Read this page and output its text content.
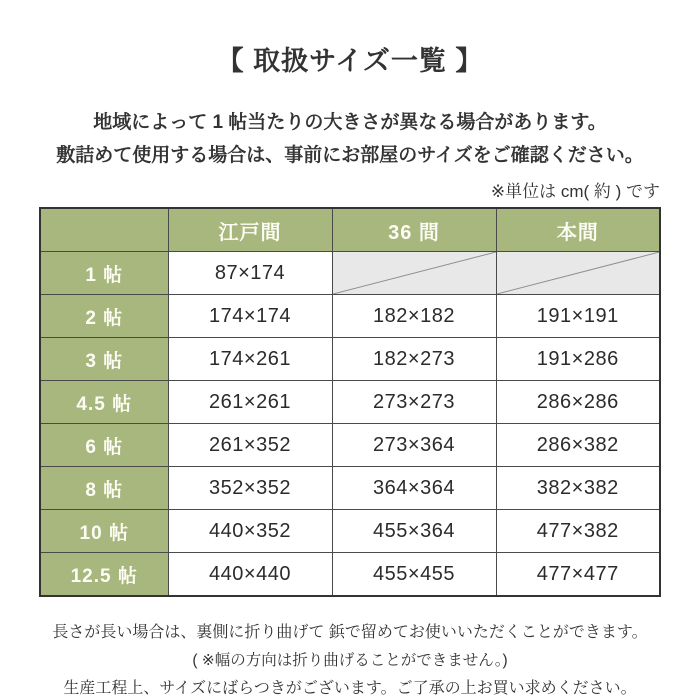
【 取扱サイズ一覧 】

地域によって 1 帖当たりの大きさが異なる場合があります。

敷詰めて使用する場合は、事前にお部屋のサイズをご確認ください。

※単位は cm( 約 ) です
	江戸間	36 間	本間
1 帖	87×174	

2 帖	174×174	182×182	191×191
3 帖	174×261	182×273	191×286
4.5 帖	261×261	273×273	286×286
6 帖	261×352	273×364	286×382
8 帖	352×352	364×364	382×382
10 帖	440×352	455×364	477×382
12.5 帖	440×440	455×455	477×477

長さが長い場合は、裏側に折り曲げて 鋲で留めてお使いいただくことができます。

( ※幅の方向は折り曲げることができません。)

生産工程上、サイズにばらつきがございます。ご了承の上お買い求めください。
